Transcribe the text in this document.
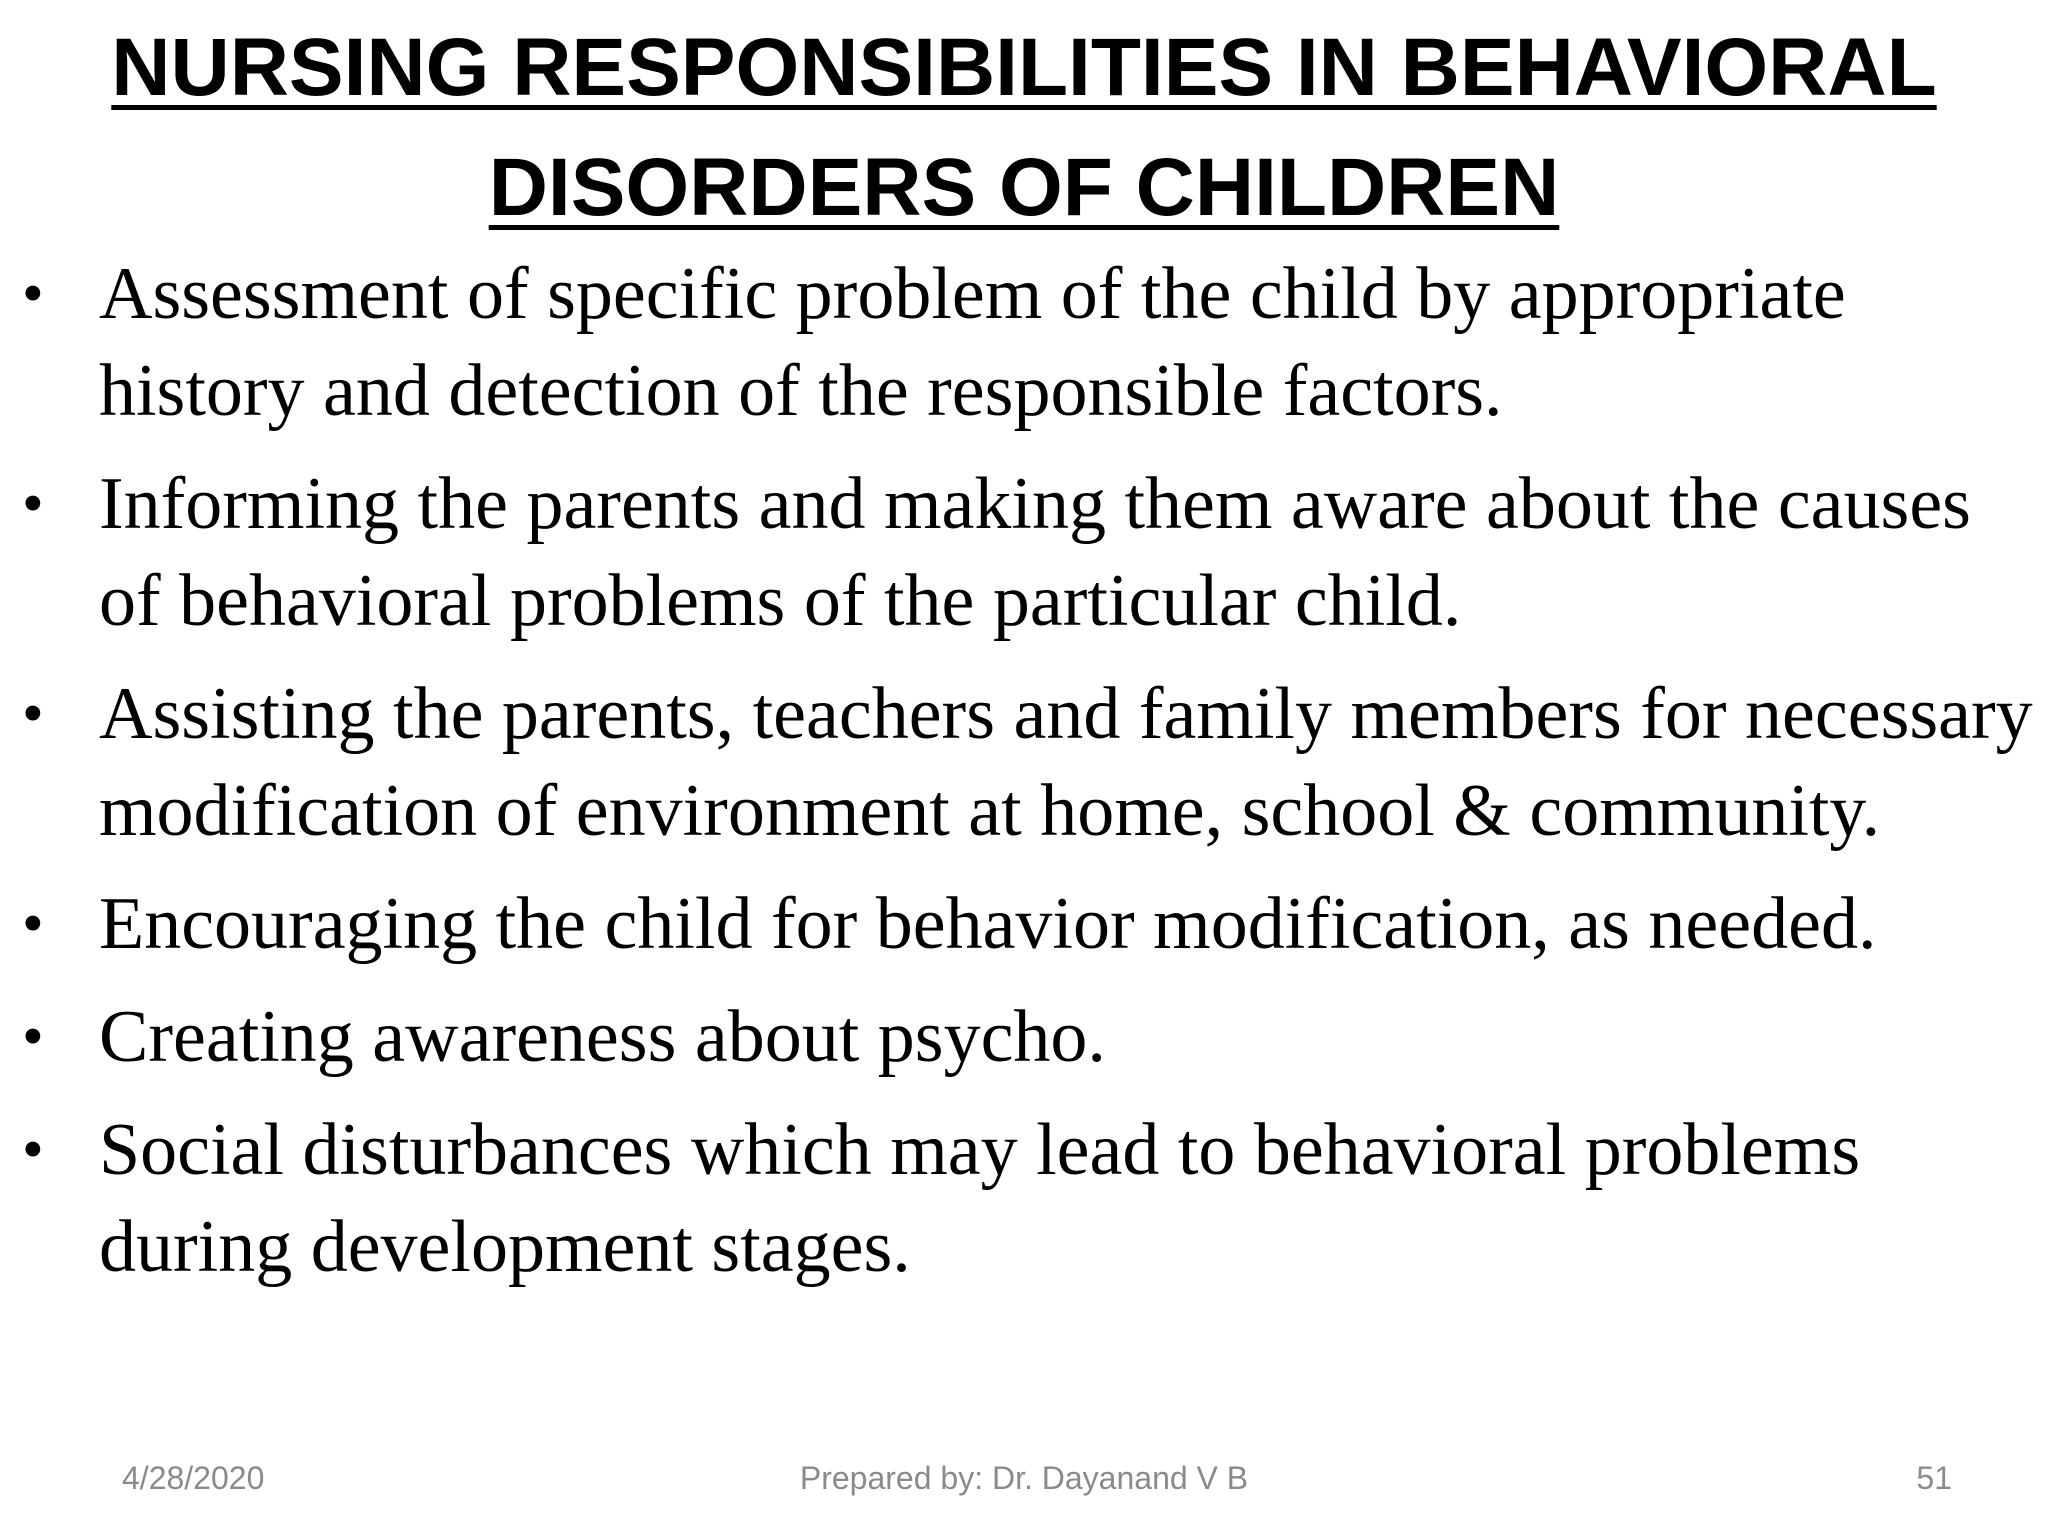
NURSING RESPONSIBILITIES IN BEHAVIORAL
DISORDERS OF CHILDREN
• Assessment of specific problem of the child by appropriate history and detection of the responsible factors.
• Informing the parents and making them aware about the causes of behavioral problems of the particular child.
• Assisting the parents, teachers and family members for necessary modification of environment at home, school & community.
• Encouraging the child for behavior modification, as needed.
• Creating awareness about psycho.
• Social disturbances which may lead to behavioral problems during development stages.
4/28/2020	Prepared by: Dr. Dayanand V B	51
